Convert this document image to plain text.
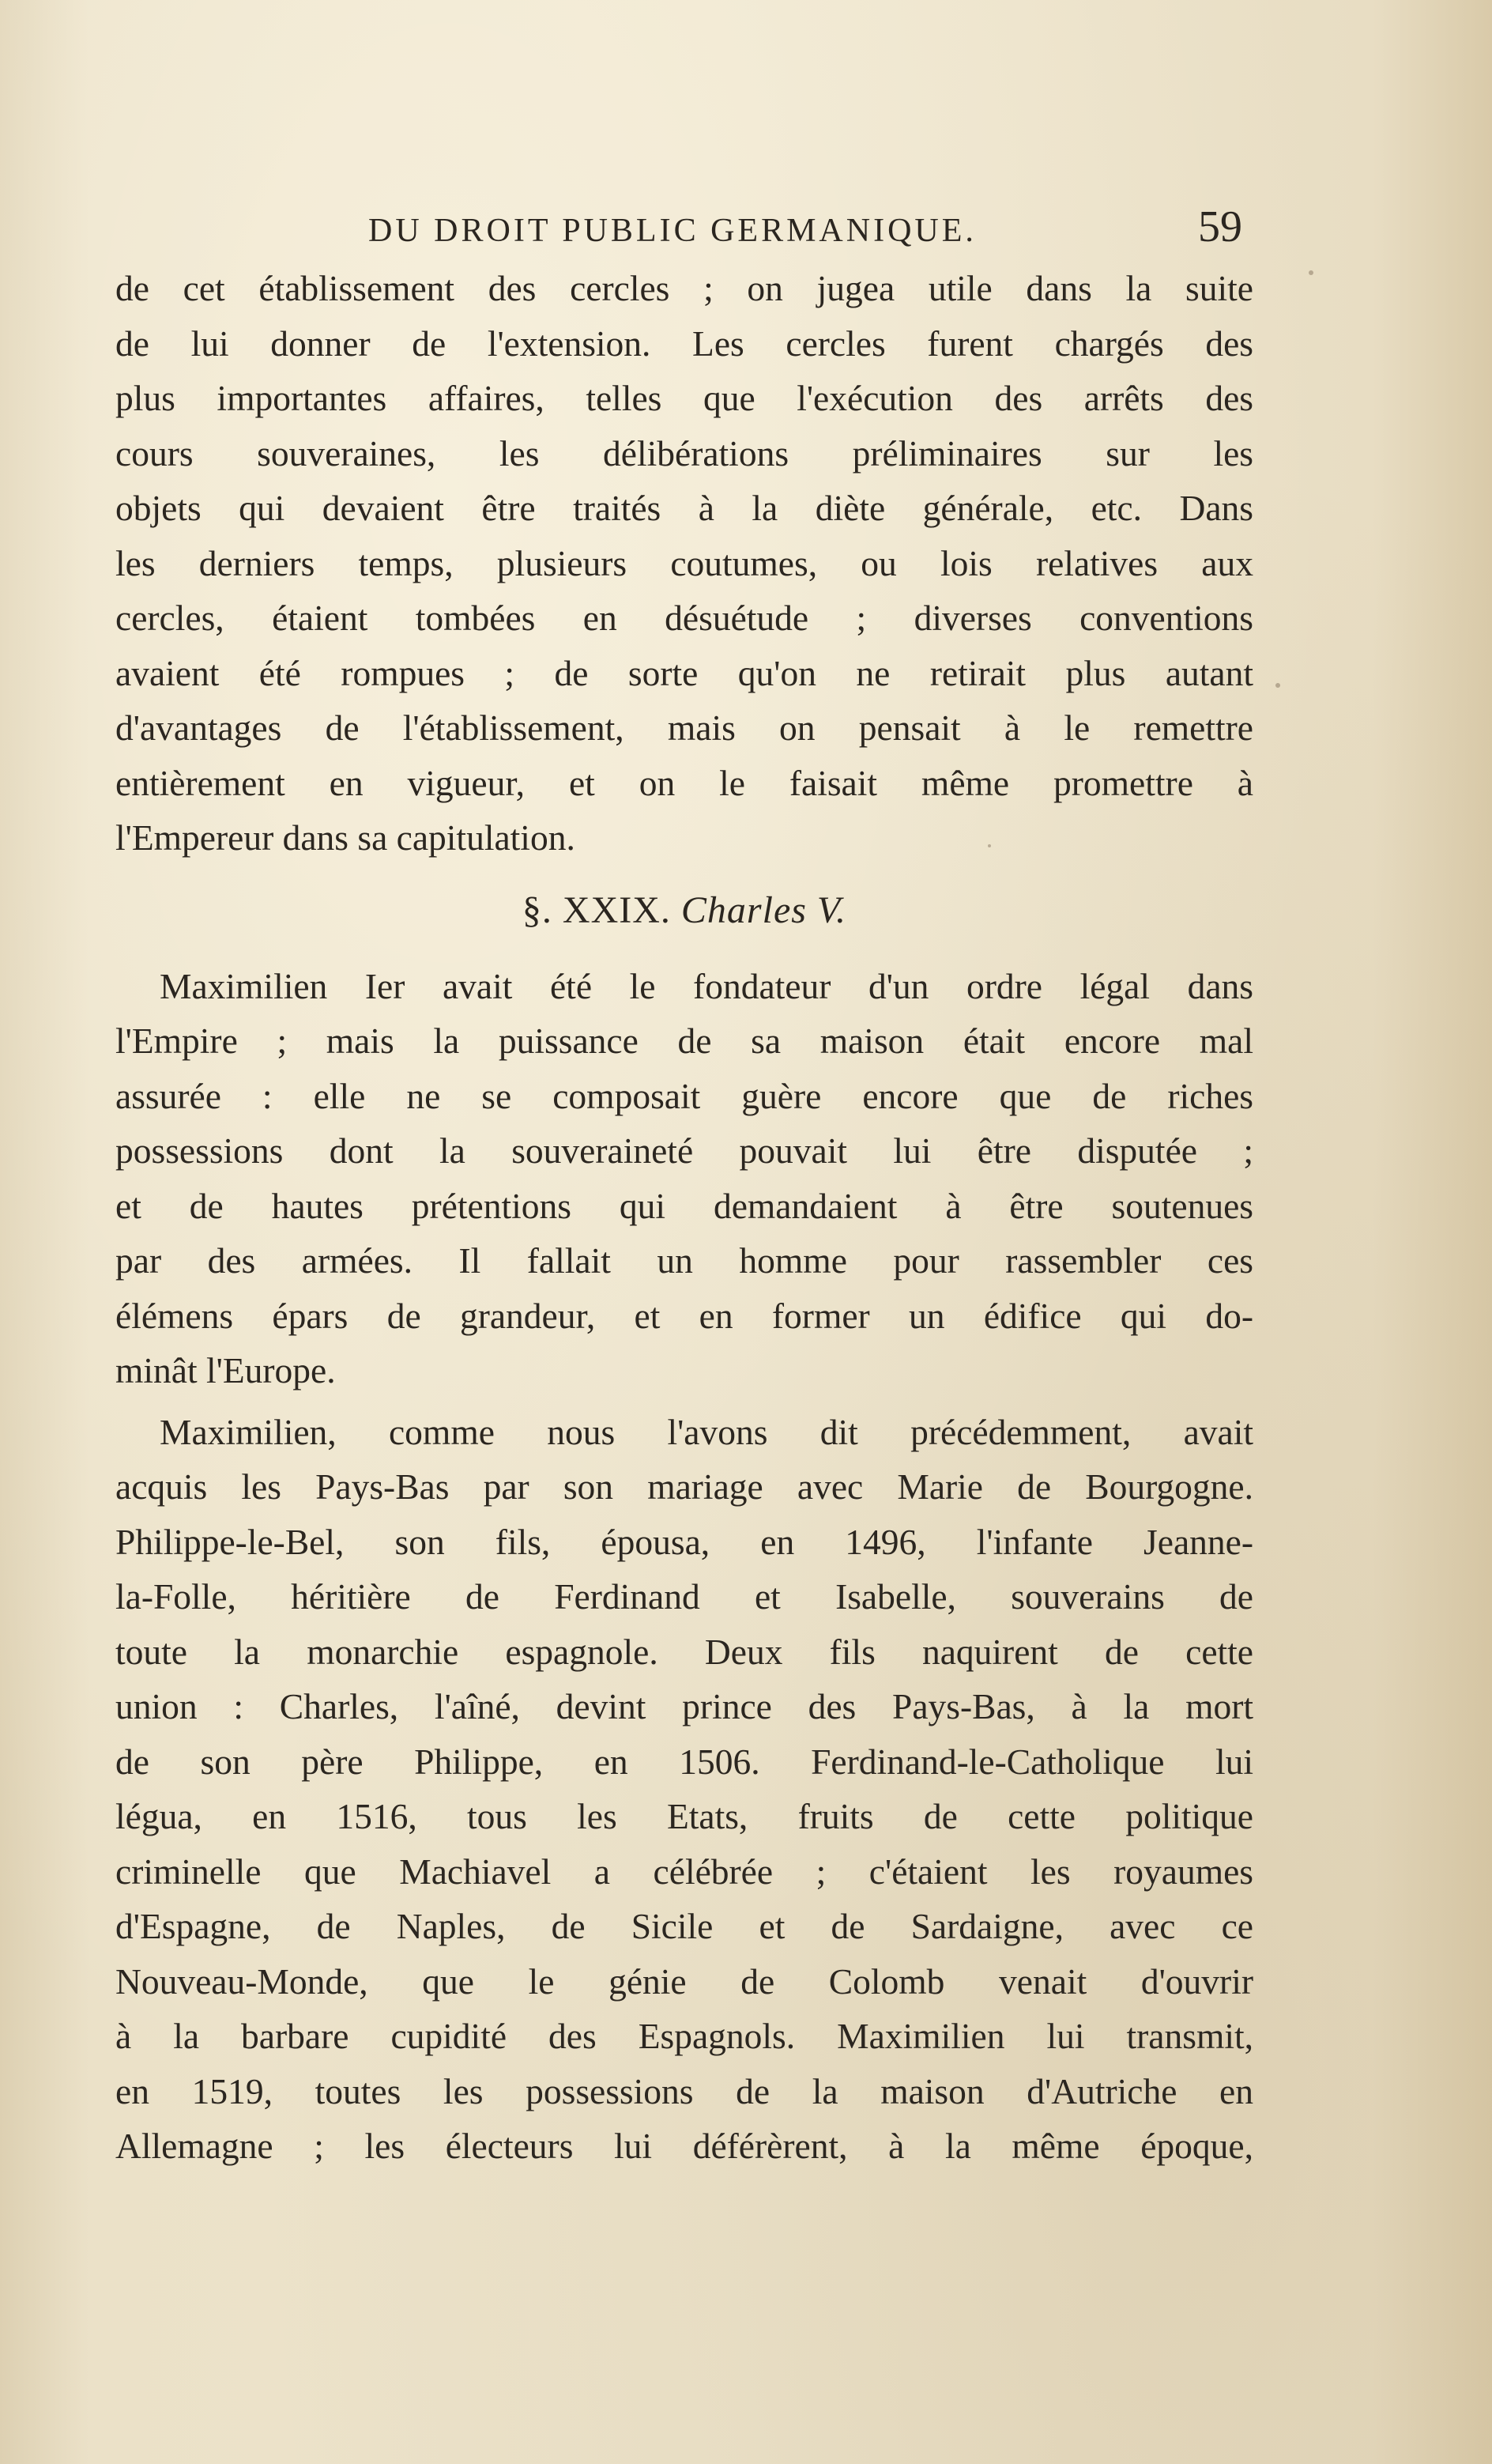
DU DROIT PUBLIC GERMANIQUE.	59

de cet établissement des cercles ; on jugea utile dans la suite
de lui donner de l'extension. Les cercles furent chargés des
plus importantes affaires, telles que l'exécution des arrêts des
cours souveraines, les délibérations préliminaires sur les
objets qui devaient être traités à la diète générale, etc. Dans
les derniers temps, plusieurs coutumes, ou lois relatives aux
cercles, étaient tombées en désuétude ; diverses conventions
avaient été rompues ; de sorte qu'on ne retirait plus autant
d'avantages de l'établissement, mais on pensait à le remettre
entièrement en vigueur, et on le faisait même promettre à
l'Empereur dans sa capitulation.

§. XXIX. Charles V.

Maximilien Ier avait été le fondateur d'un ordre légal dans
l'Empire ; mais la puissance de sa maison était encore mal
assurée : elle ne se composait guère encore que de riches
possessions dont la souveraineté pouvait lui être disputée ;
et de hautes prétentions qui demandaient à être soutenues
par des armées. Il fallait un homme pour rassembler ces
élémens épars de grandeur, et en former un édifice qui do-
minât l'Europe.

Maximilien, comme nous l'avons dit précédemment, avait
acquis les Pays-Bas par son mariage avec Marie de Bourgogne.
Philippe-le-Bel, son fils, épousa, en 1496, l'infante Jeanne-
la-Folle, héritière de Ferdinand et Isabelle, souverains de
toute la monarchie espagnole. Deux fils naquirent de cette
union : Charles, l'aîné, devint prince des Pays-Bas, à la mort
de son père Philippe, en 1506. Ferdinand-le-Catholique lui
légua, en 1516, tous les Etats, fruits de cette politique
criminelle que Machiavel a célébrée ; c'étaient les royaumes
d'Espagne, de Naples, de Sicile et de Sardaigne, avec ce
Nouveau-Monde, que le génie de Colomb venait d'ouvrir
à la barbare cupidité des Espagnols. Maximilien lui transmit,
en 1519, toutes les possessions de la maison d'Autriche en
Allemagne ; les électeurs lui déférèrent, à la même époque,
